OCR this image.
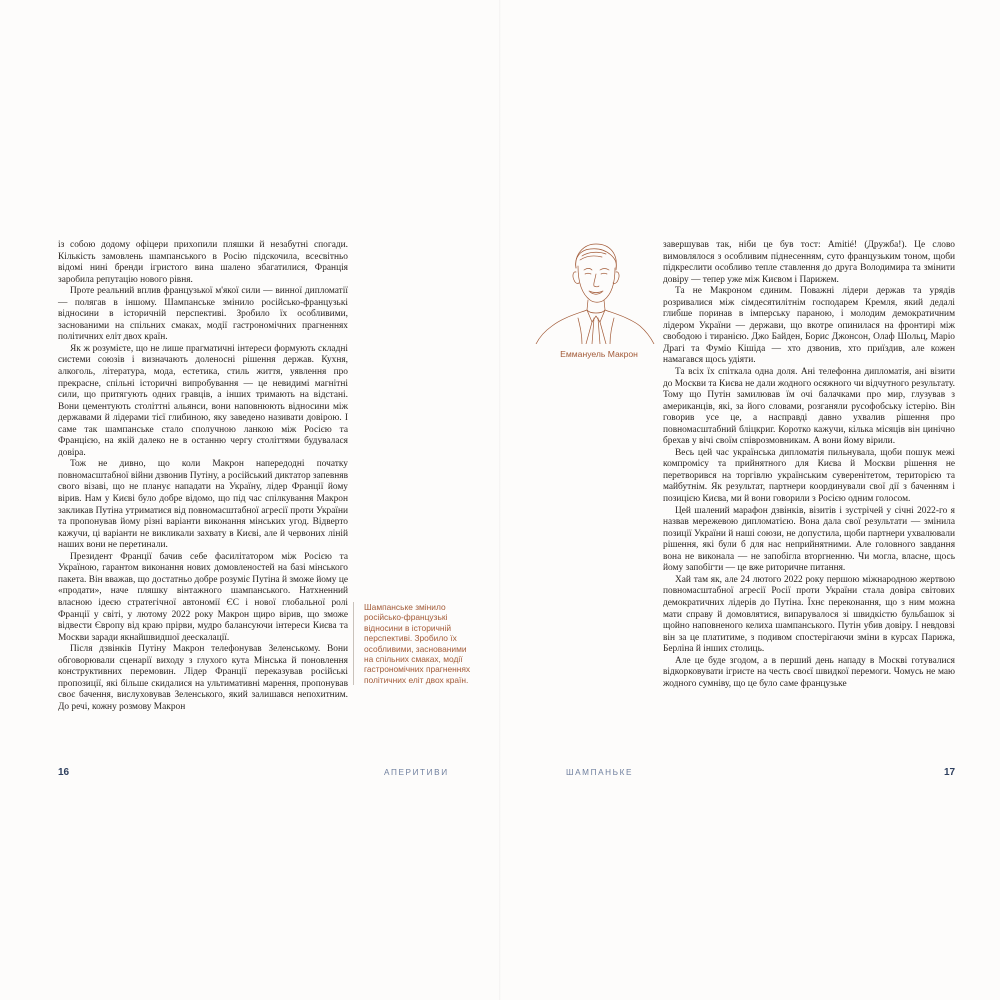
із собою додому офіцери прихопили пляшки й незабутні спогади. Кількість замовлень шампанського в Росію підскочила, всесвітньо відомі нині бренди ігристого вина шалено збагатилися, Франція заробила репутацію нового рівня.

Проте реальний вплив французької м'якої сили — винної дипломатії — полягав в іншому. Шампанське змінило російсько-французькі відносини в історичній перспективі. Зробило їх особливими, заснованими на спільних смаках, модії гастрономічних прагненнях політичних еліт двох країн.

Як ж розумієте, що не лише прагматичні інтереси формують складні системи союзів і визначають доленосні рішення держав. Кухня, алкоголь, література, мода, естетика, стиль життя, уявлення про прекрасне, спільні історичні випробування — це невидимі магнітні сили, що притягують одних гравців, а інших тримають на відстані. Вони цементують століттні альянси, вони наповнюють відносини між державами й лідерами тієї глибиною, яку заведено називати довірою. І саме так шампанське стало сполучною ланкою між Росією та Францією, на якій далеко не в останню чергу століттями будувалася довіра.

Тож не дивно, що коли Макрон напередодні початку повномасштабної війни дзвонив Путіну, а російський диктатор запевняв свого візаві, що не планує нападати на Україну, лідер Франції йому вірив. Нам у Києві було добре відомо, що під час спілкування Макрон закликав Путіна утриматися від повномасштабної агресії проти України та пропонував йому різні варіанти виконання мінських угод. Відверто кажучи, ці варіанти не викликали захвату в Києві, але й червоних ліній наших вони не перетинали.

Президент Франції бачив себе фасилітатором між Росією та Україною, гарантом виконання нових домовленостей на базі мінського пакета. Він вважав, що достатньо добре розуміє Путіна й зможе йому це «продати», наче пляшку вінтажного шампанського. Натхненний власною ідеєю стратегічної автономії ЄС і нової глобальної ролі Франції у світі, у лютому 2022 року Макрон щиро вірив, що зможе відвести Європу від краю прірви, мудро балансуючи інтереси Києва та Москви заради якнайшвидшої деескалації.

Після дзвінків Путіну Макрон телефонував Зеленському. Вони обговорювали сценарії виходу з глухого кута Мінська й поновлення конструктивних перемовин. Лідер Франції переказував російські пропозиції, які більше скидалися на ультимативні марення, пропонував своє бачення, вислуховував Зеленського, який залишався непохитним. До речі, кожну розмову Макрон

Еммануель Макрон
Шампанське змінило російсько-французькі відносини в історичній перспективі. Зробило їх особливими, заснованими на спільних смаках, модії гастрономічних прагненнях політичних еліт двох країн.

завершував так, ніби це був тост: Amitié! (Дружба!). Це слово вимовлялося з особливим піднесенням, суто французьким тоном, щоби підкреслити особливо тепле ставлення до друга Володимира та змінити довіру — тепер уже між Києвом і Парижем.

Та не Макроном єдиним. Поважні лідери держав та урядів розривалися між сімдесятилітнім господарем Кремля, який дедалі глибше поринав в імперську параною, і молодим демократичним лідером України — держави, що вкотре опинилася на фронтирі між свободою і тиранією. Джо Байден, Борис Джонсон, Олаф Шольц, Маріо Драгі та Фуміо Кішіда — хто дзвонив, хто приїздив, але кожен намагався щось удіяти.

Та всіх їх спіткала одна доля. Ані телефонна дипломатія, ані візити до Москви та Києва не дали жодного осяжного чи відчутного результату. Тому що Путін замилював їм очі балачками про мир, глузував з американців, які, за його словами, розганяли русофобську істерію. Він говорив усе це, а насправді давно ухвалив рішення про повномасштабний бліцкриг. Коротко кажучи, кілька місяців він цинічно брехав у вічі своїм співрозмовникам. А вони йому вірили.

Весь цей час українська дипломатія пильнувала, щоби пошук межі компромісу та прийнятного для Києва й Москви рішення не перетворився на торгівлю українським суверенітетом, територією та майбутнім. Як результат, партнери координували свої дії з баченням і позицією Києва, ми й вони говорили з Росією одним голосом.

Цей шалений марафон дзвінків, візитів і зустрічей у січні 2022-го я назвав мережевою дипломатією. Вона дала свої результати — змінила позиції України й наші союзи, не допустила, щоби партнери ухвалювали рішення, які були б для нас неприйнятними. Але головного завдання вона не виконала — не запобігла вторгненню. Чи могла, власне, щось йому запобігти — це вже риторичне питання.

Хай там як, але 24 лютого 2022 року першою міжнародною жертвою повномасштабної агресії Росії проти України стала довіра світових демократичних лідерів до Путіна. Їхнє переконання, що з ним можна мати справу й домовлятися, випарувалося зі швидкістю бульбашок зі щойно наповненого келиха шампанського. Путін убив довіру. І невдовзі він за це платитиме, з подивом спостерігаючи зміни в курсах Парижа, Берліна й інших столиць.

Але це буде згодом, а в перший день нападу в Москві готувалися відкорковувати ігристе на честь своєї швидкої перемоги. Чомусь не маю жодного сумніву, що це було саме французьке

16	АПЕРИТИВИ	ШАМПАНЬКЕ	17
